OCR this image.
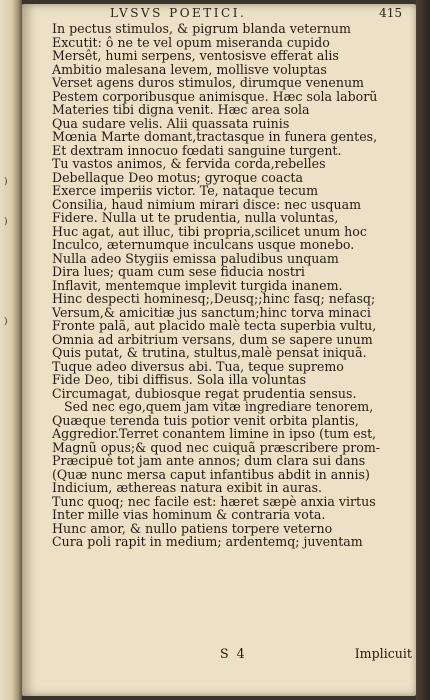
)
)
)
LVSVS POETICI.	415
In pectus stimulos, & pigrum blanda veternum
Excutit: ô ne te vel opum miseranda cupido
Mersêt, humi serpens, ventosisve efferat alis
Ambitio malesana levem, mollisve voluptas
Verset agens duros stimulos, dirumque venenum
Pestem corporibusque animisque. Hæc sola laborũ
Materies tibi digna venit. Hæc area sola
Qua sudare velis. Alii quassata ruinis
Mœnia Marte domant,tractasque in funera gentes,
Et dextram innocuo fœdati sanguine turgent.
Tu vastos animos, & fervida corda,rebelles
Debellaque Deo motus; gyroque coacta
Exerce imperiis victor. Te, nataque tecum
Consilia, haud nimium mirari disce: nec usquam
Fidere. Nulla ut te prudentia, nulla voluntas,
Huc agat, aut illuc, tibi propria,scilicet unum hoc
Inculco, æternumque inculcans usque monebo.
Nulla adeo Stygiis emissa paludibus unquam
Dira lues; quam cum sese fiducia nostri
Inflavit, mentemque implevit turgida inanem.
Hinc despecti hominesq;,Deusq;;hinc fasq; nefasq;
Versum,& amicitiæ jus sanctum;hinc torva minaci
Fronte palã, aut placido malè tecta superbia vultu,
Omnia ad arbitrium versans, dum se sapere unum
Quis putat, & trutina, stultus,malè pensat iniquã.
Tuque adeo diversus abi. Tua, teque supremo
Fide Deo, tibi diffisus. Sola illa voluntas
Circumagat, dubiosque regat prudentia sensus.
Sed nec ego,quem jam vitæ ingrediare tenorem,
Quæque terenda tuis potior venit orbita plantis,
Aggredior.Terret conantem limine in ipso (tum est,
Magnũ opus;& quod nec cuiquã præscribere prom-
Præcipuè tot jam ante annos; dum clara sui dans
(Quæ nunc mersa caput infantibus abdit in annis)
Indicium, æthereas natura exibit in auras.
Tunc quoq; nec facile est: hæret sæpè anxia virtus
Inter mille vias hominum & contraria vota.
Hunc amor, & nullo patiens torpere veterno
Cura poli rapit in medium; ardentemq; juventam
S 4	Implicuit
